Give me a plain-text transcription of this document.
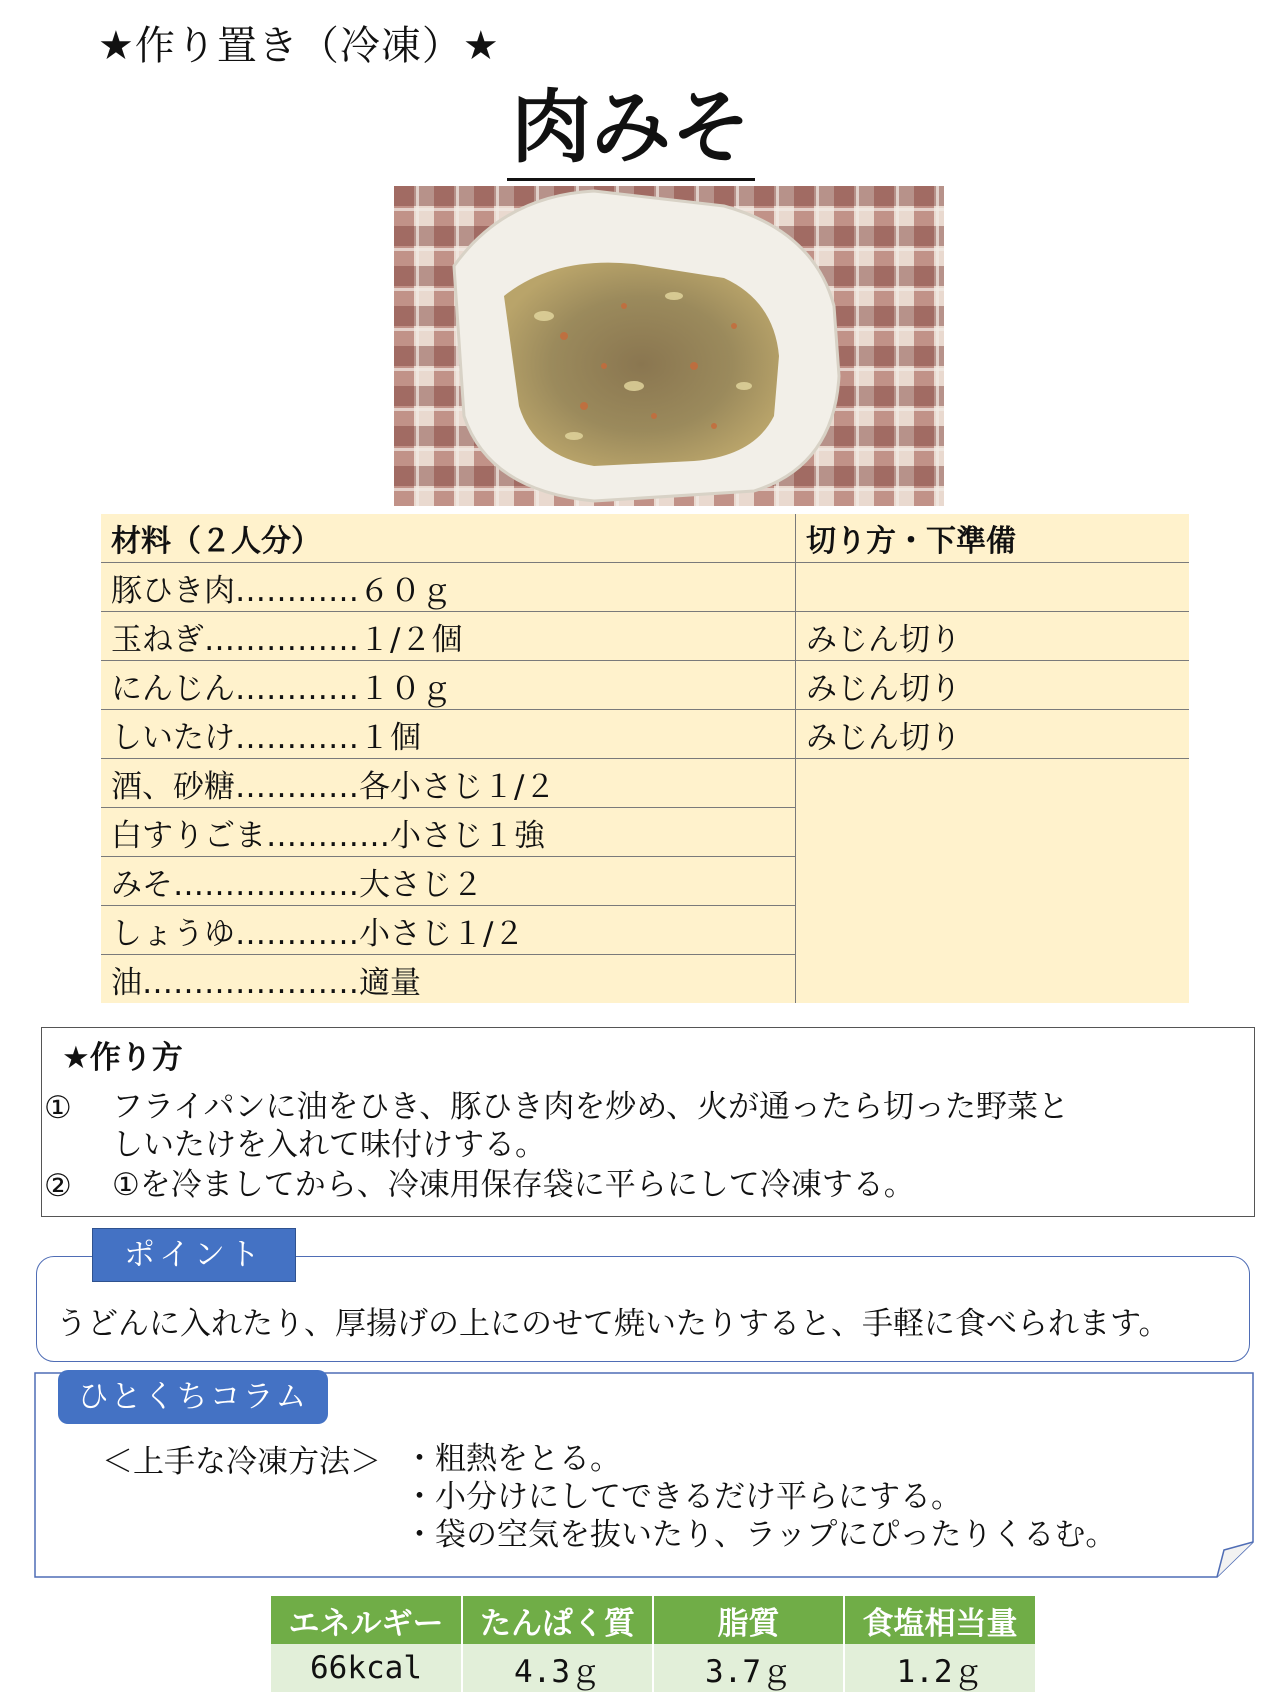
★作り置き（冷凍）★
肉みそ
材料（２人分）	切り方・下準備
豚ひき肉…………６０ｇ	
玉ねぎ……………１/２個	みじん切り
にんじん…………１０ｇ	みじん切り
しいたけ…………１個	みじん切り
酒、砂糖…………各小さじ１/２	
白すりごま…………小さじ１強	
みそ………………大さじ２	
しょうゆ…………小さじ１/２	
油…………………適量	
★作り方
① フライパンに油をひき、豚ひき肉を炒め、火が通ったら切った野菜と
しいたけを入れて味付けする。
② ①を冷ましてから、冷凍用保存袋に平らにして冷凍する。
ポイント
うどんに入れたり、厚揚げの上にのせて焼いたりすると、手軽に食べられます。
ひとくちコラム
＜上手な冷凍方法＞ ・粗熱をとる。
・小分けにしてできるだけ平らにする。
・袋の空気を抜いたり、ラップにぴったりくるむ。
エネルギー	たんぱく質	脂質	食塩相当量
66kcal	4.3ｇ	3.7ｇ	1.2ｇ
